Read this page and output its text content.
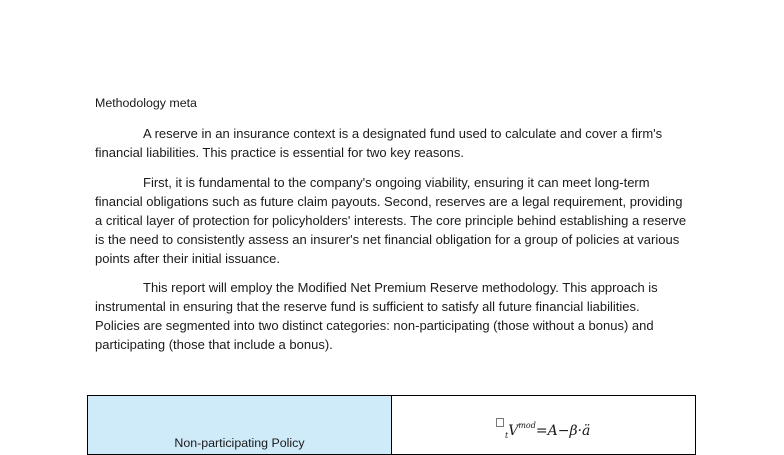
Methodology meta

A reserve in an insurance context is a designated fund used to calculate and cover a firm's financial liabilities. This practice is essential for two key reasons.

First, it is fundamental to the company's ongoing viability, ensuring it can meet long-term financial obligations such as future claim payouts. Second, reserves are a legal requirement, providing a critical layer of protection for policyholders' interests. The core principle behind establishing a reserve is the need to consistently assess an insurer's net financial obligation for a group of policies at various points after their initial issuance.

This report will employ the Modified Net Premium Reserve methodology. This approach is instrumental in ensuring that the reserve fund is sufficient to satisfy all future financial liabilities. Policies are segmented into two distinct categories: non-participating (those without a bonus) and participating (those that include a bonus).

Non-participating Policy
$_tV^{mod}=A-\beta\cdot ä$
